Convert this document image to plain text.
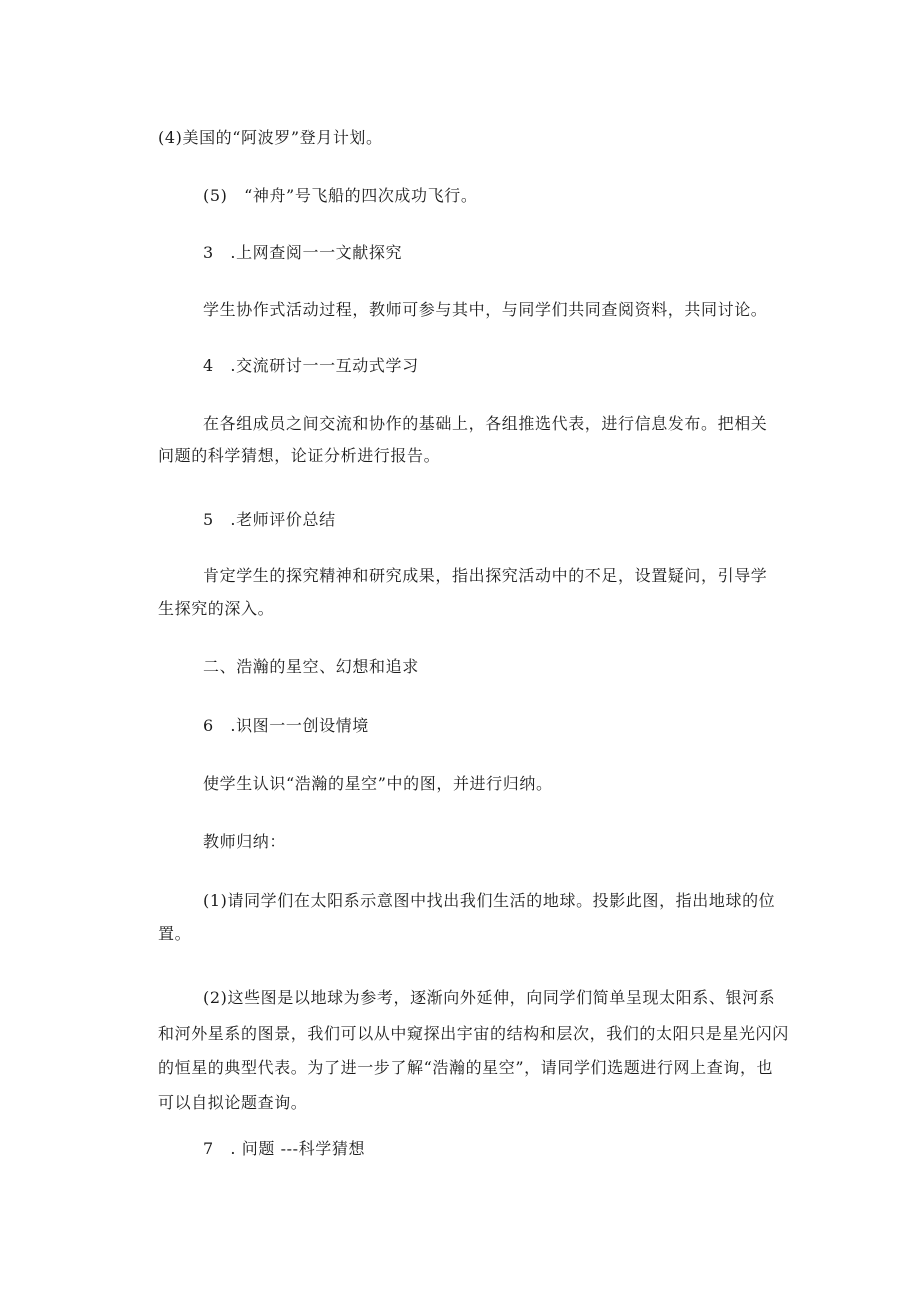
(4)美国的“阿波罗”登月计划。
(5)　“神舟”号飞船的四次成功飞行。
3　.上网查阅一一文献探究
学生协作式活动过程，教师可参与其中，与同学们共同查阅资料，共同讨论。
4　.交流研讨一一互动式学习
在各组成员之间交流和协作的基础上，各组推选代表，进行信息发布。把相关
问题的科学猜想，论证分析进行报告。
5　.老师评价总结
肯定学生的探究精神和研究成果，指出探究活动中的不足，设置疑问，引导学
生探究的深入。
二、浩瀚的星空、幻想和追求
6　.识图一一创设情境
使学生认识“浩瀚的星空”中的图，并进行归纳。
教师归纳：
(1)请同学们在太阳系示意图中找出我们生活的地球。投影此图，指出地球的位
置。
(2)这些图是以地球为参考，逐渐向外延伸，向同学们简单呈现太阳系、银河系
和河外星系的图景，我们可以从中窥探出宇宙的结构和层次，我们的太阳只是星光闪闪
的恒星的典型代表。为了进一步了解“浩瀚的星空”，请同学们选题进行网上查询，也
可以自拟论题查询。
7　. 问题 ---科学猜想
